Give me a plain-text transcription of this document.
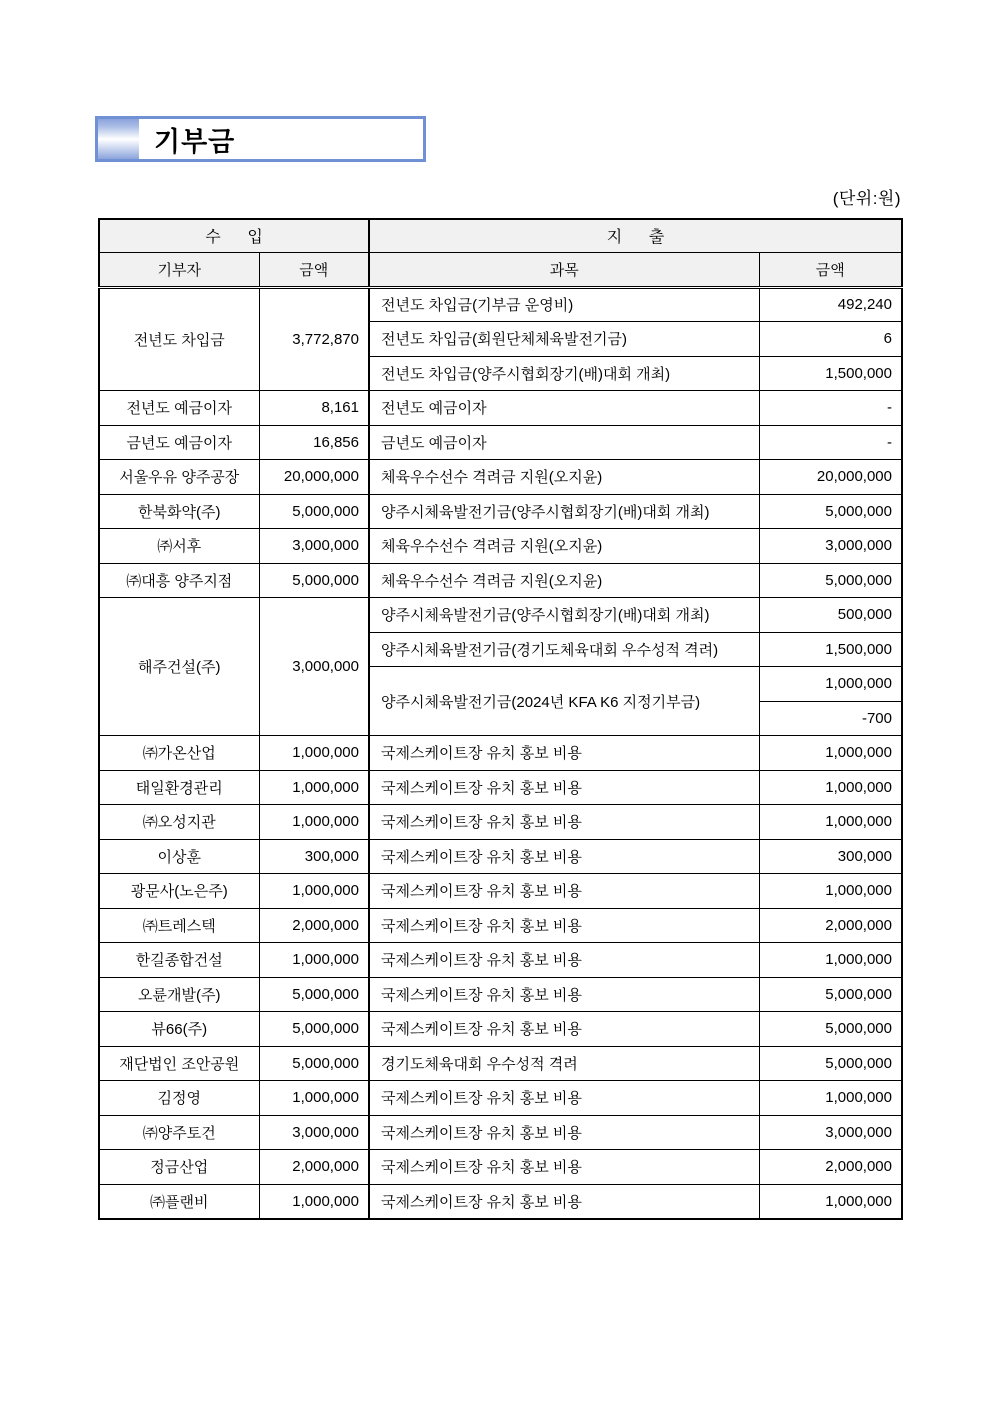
기부금
(단위:원)
수      입		지      출	
기부자	금액	과목	금액
전년도 차입금	3,772,870	전년도 차입금(기부금 운영비)	492,240
		전년도 차입금(회원단체체육발전기금)	6
		전년도 차입금(양주시협회장기(배)대회 개최)	1,500,000
전년도 예금이자	8,161	전년도 예금이자	-
금년도 예금이자	16,856	금년도 예금이자	-
서울우유 양주공장	20,000,000	체육우수선수 격려금 지원(오지윤)	20,000,000
한북화약(주)	5,000,000	양주시체육발전기금(양주시협회장기(배)대회 개최)	5,000,000
㈜서후	3,000,000	체육우수선수 격려금 지원(오지윤)	3,000,000
㈜대흥 양주지점	5,000,000	체육우수선수 격려금 지원(오지윤)	5,000,000
해주건설(주)	3,000,000	양주시체육발전기금(양주시협회장기(배)대회 개최)	500,000
		양주시체육발전기금(경기도체육대회 우수성적 격려)	1,500,000
		양주시체육발전기금(2024년 KFA K6 지정기부금)	1,000,000
			-700
㈜가온산업	1,000,000	국제스케이트장 유치 홍보 비용	1,000,000
태일환경관리	1,000,000	국제스케이트장 유치 홍보 비용	1,000,000
㈜오성지관	1,000,000	국제스케이트장 유치 홍보 비용	1,000,000
이상훈	300,000	국제스케이트장 유치 홍보 비용	300,000
광문사(노은주)	1,000,000	국제스케이트장 유치 홍보 비용	1,000,000
㈜트레스텍	2,000,000	국제스케이트장 유치 홍보 비용	2,000,000
한길종합건설	1,000,000	국제스케이트장 유치 홍보 비용	1,000,000
오륜개발(주)	5,000,000	국제스케이트장 유치 홍보 비용	5,000,000
뷰66(주)	5,000,000	국제스케이트장 유치 홍보 비용	5,000,000
재단법인 조안공원	5,000,000	경기도체육대회 우수성적 격려	5,000,000
김정영	1,000,000	국제스케이트장 유치 홍보 비용	1,000,000
㈜양주토건	3,000,000	국제스케이트장 유치 홍보 비용	3,000,000
정금산업	2,000,000	국제스케이트장 유치 홍보 비용	2,000,000
㈜플랜비	1,000,000	국제스케이트장 유치 홍보 비용	1,000,000
